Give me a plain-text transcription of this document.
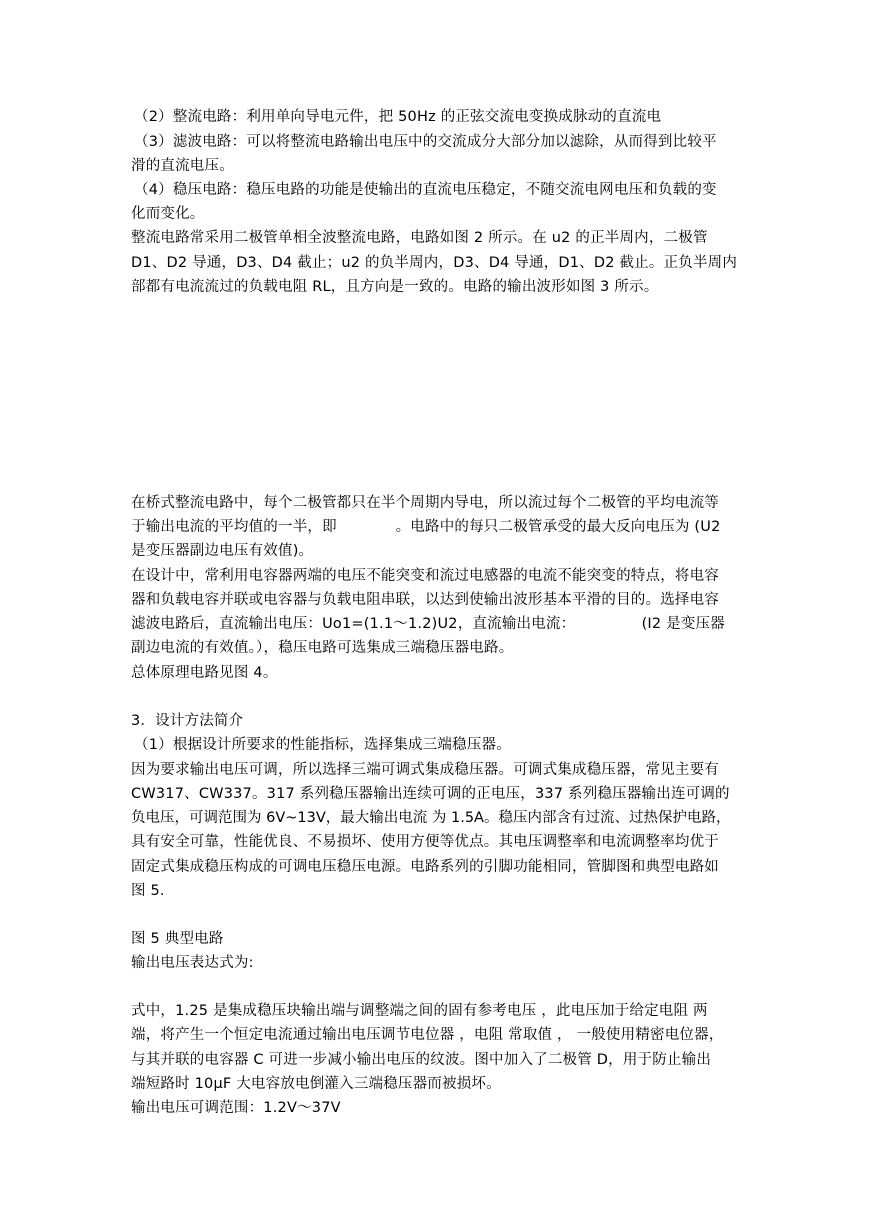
（2）整流电路：利用单向导电元件，把 50Hz 的正弦交流电变换成脉动的直流电
（3）滤波电路：可以将整流电路输出电压中的交流成分大部分加以滤除，从而得到比较平
滑的直流电压。
（4）稳压电路：稳压电路的功能是使输出的直流电压稳定，不随交流电网电压和负载的变
化而变化。
整流电路常采用二极管单相全波整流电路，电路如图 2 所示。在 u2 的正半周内，二极管
D1、D2 导通，D3、D4 截止；u2 的负半周内，D3、D4 导通，D1、D2 截止。正负半周内
部都有电流流过的负载电阻 RL，且方向是一致的。电路的输出波形如图 3 所示。
在桥式整流电路中，每个二极管都只在半个周期内导电，所以流过每个二极管的平均电流等
于输出电流的平均值的一半，即　　　　。电路中的每只二极管承受的最大反向电压为 (U2
是变压器副边电压有效值)。
在设计中，常利用电容器两端的电压不能突变和流过电感器的电流不能突变的特点，将电容
器和负载电容并联或电容器与负载电阻串联，以达到使输出波形基本平滑的目的。选择电容
滤波电路后，直流输出电压：Uo1=(1.1～1.2)U2，直流输出电流：　　　　　(I2 是变压器
副边电流的有效值。），稳压电路可选集成三端稳压器电路。
总体原理电路见图 4。
3．设计方法简介
（1）根据设计所要求的性能指标，选择集成三端稳压器。
因为要求输出电压可调，所以选择三端可调式集成稳压器。可调式集成稳压器，常见主要有
CW317、CW337。317 系列稳压器输出连续可调的正电压，337 系列稳压器输出连可调的
负电压，可调范围为 6V~13V，最大输出电流 为 1.5A。稳压内部含有过流、过热保护电路，
具有安全可靠，性能优良、不易损坏、使用方便等优点。其电压调整率和电流调整率均优于
固定式集成稳压构成的可调电压稳压电源。电路系列的引脚功能相同，管脚图和典型电路如
图 5.
图 5 典型电路
输出电压表达式为:
式中，1.25 是集成稳压块输出端与调整端之间的固有参考电压 ，此电压加于给定电阻 两
端，将产生一个恒定电流通过输出电压调节电位器 ，电阻 常取值 ， 一般使用精密电位器，
与其并联的电容器 C 可进一步减小输出电压的纹波。图中加入了二极管 D，用于防止输出
端短路时 10μF 大电容放电倒灌入三端稳压器而被损坏。
输出电压可调范围：1.2V～37V
